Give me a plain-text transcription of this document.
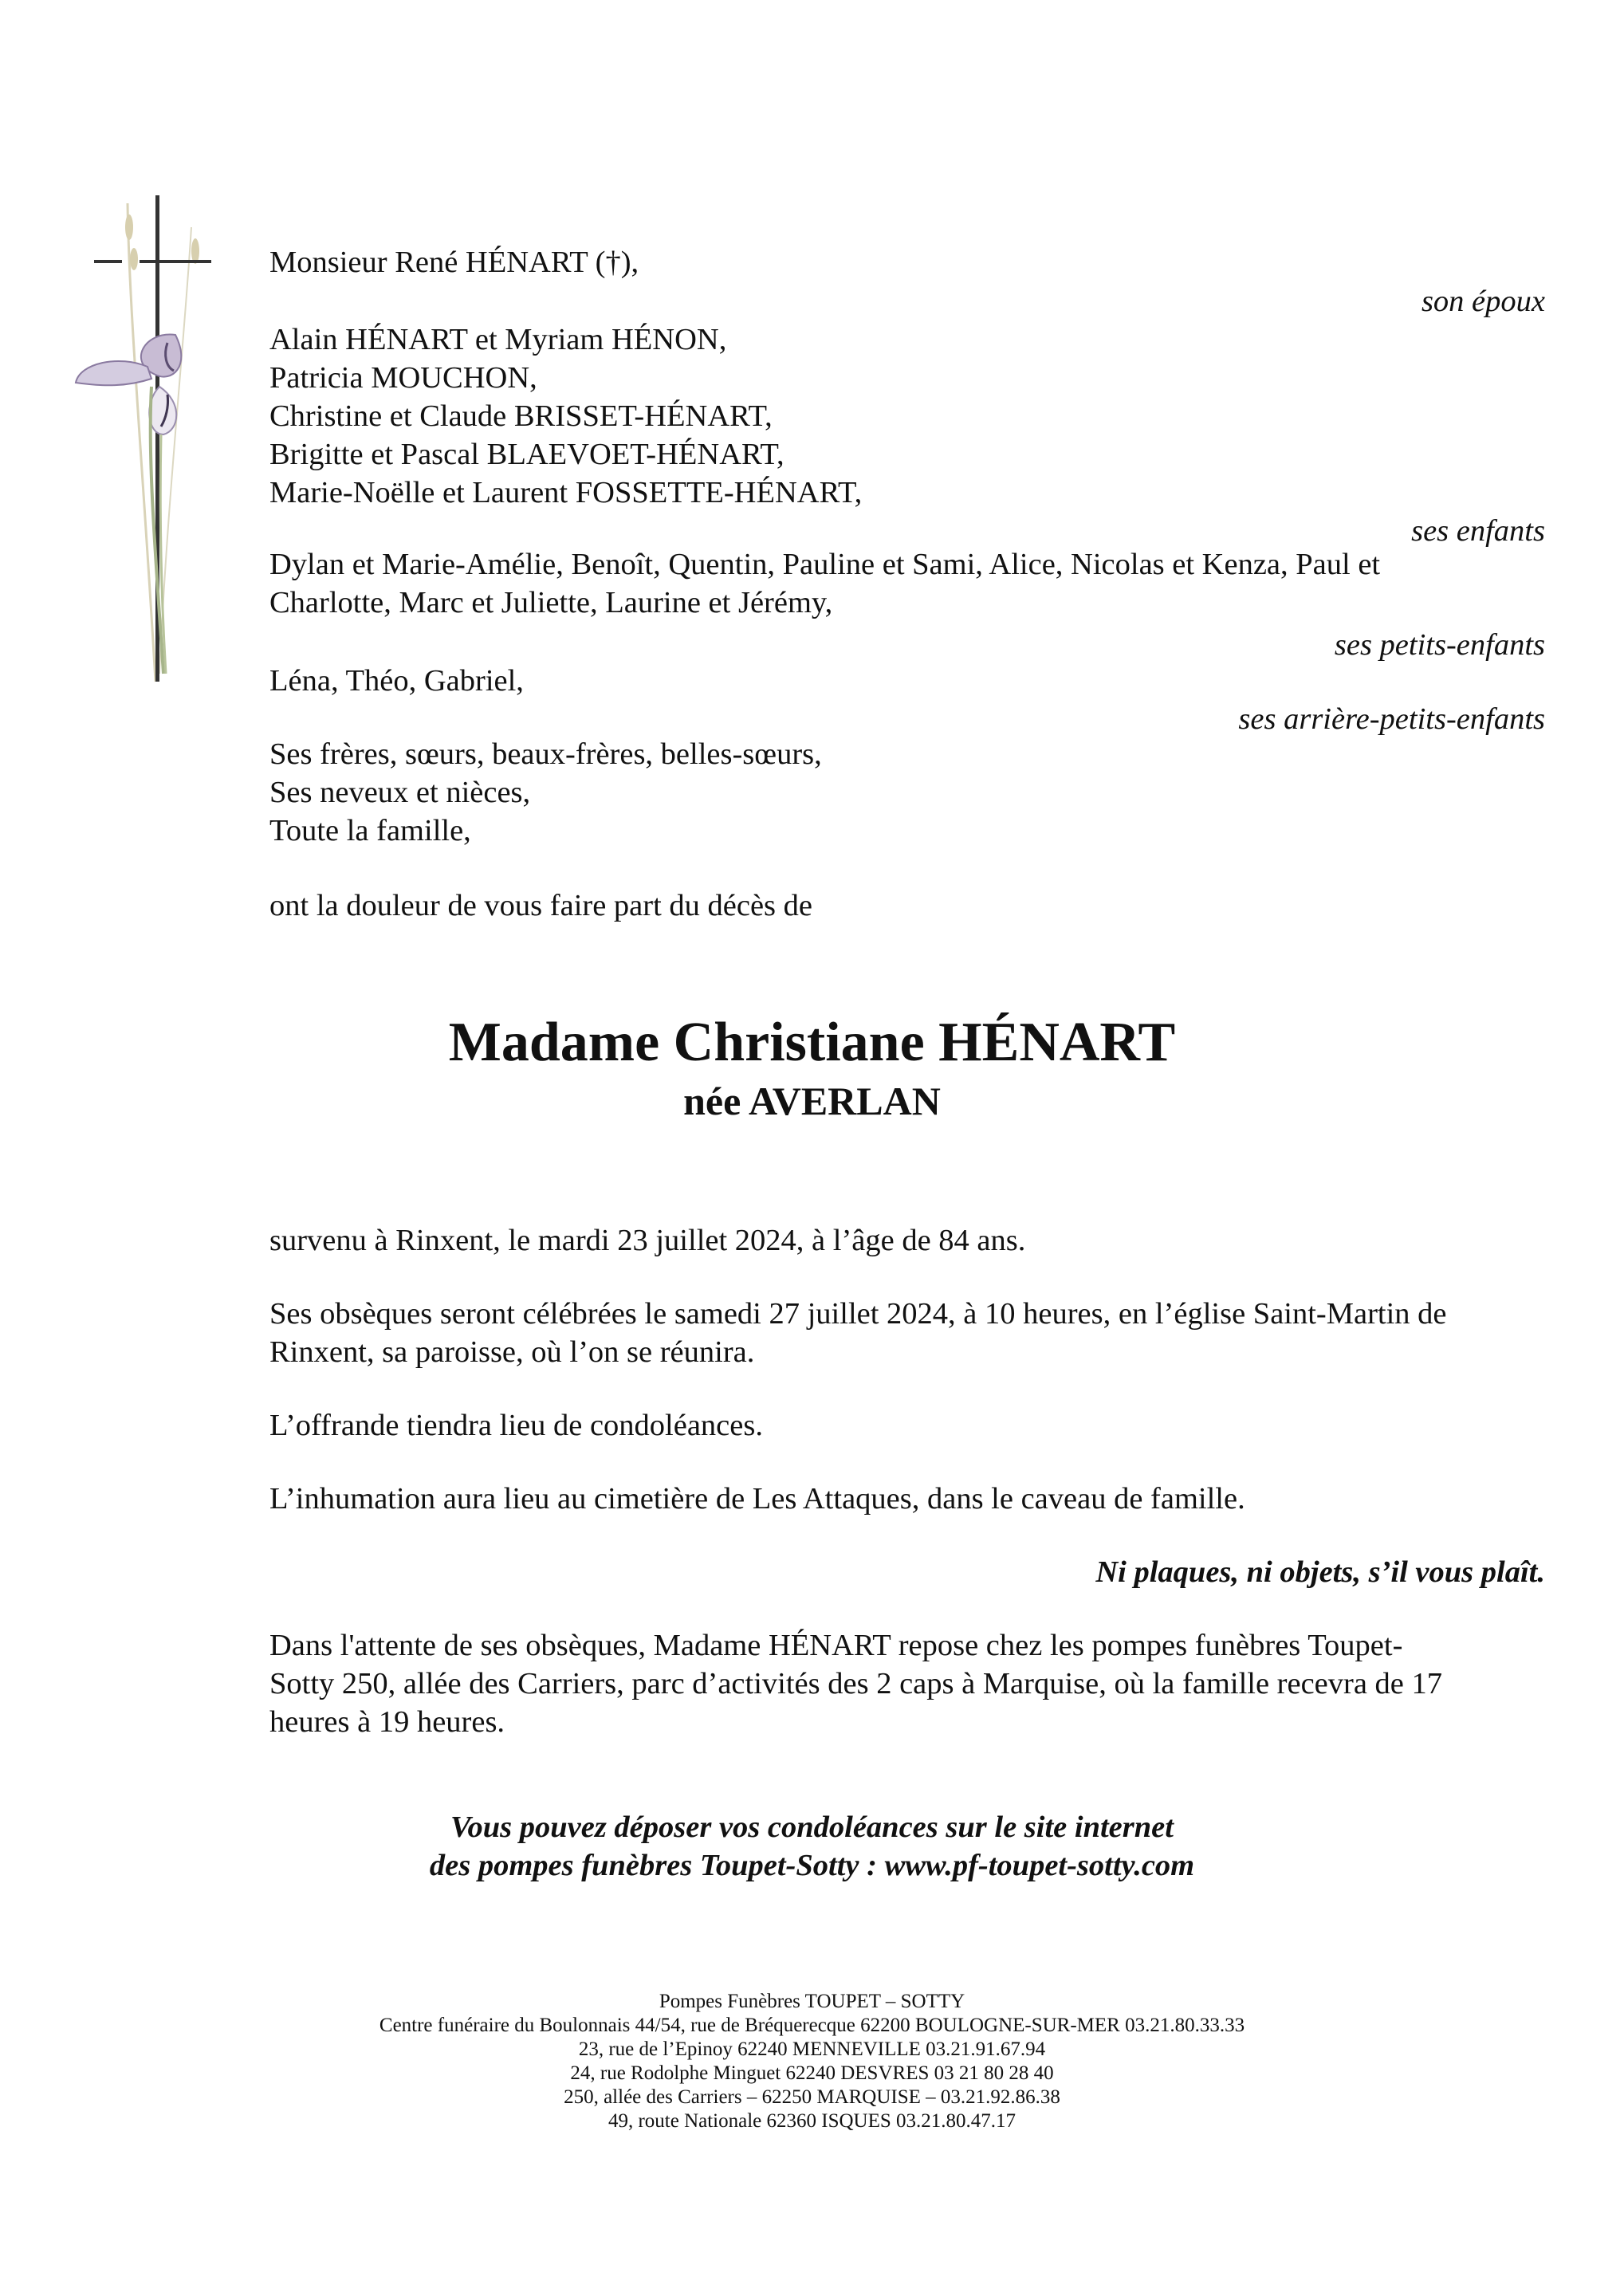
Monsieur René HÉNART (†),
son époux
Alain HÉNART et Myriam HÉNON,
Patricia MOUCHON,
Christine et Claude BRISSET-HÉNART,
Brigitte et Pascal BLAEVOET-HÉNART,
Marie-Noëlle et Laurent FOSSETTE-HÉNART,
ses enfants
Dylan et Marie-Amélie, Benoît, Quentin, Pauline et Sami, Alice, Nicolas et Kenza, Paul et
Charlotte, Marc et Juliette, Laurine et Jérémy,
ses petits-enfants
Léna, Théo, Gabriel,
ses arrière-petits-enfants
Ses frères, sœurs, beaux-frères, belles-sœurs,
Ses neveux et nièces,
Toute la famille,
ont la douleur de vous faire part du décès de
Madame Christiane HÉNART
née AVERLAN
survenu à Rinxent, le mardi 23 juillet 2024, à l’âge de 84 ans.
Ses obsèques seront célébrées le samedi 27 juillet 2024, à 10 heures, en l’église Saint-Martin de
Rinxent, sa paroisse, où l’on se réunira.
L’offrande tiendra lieu de condoléances.
L’inhumation aura lieu au cimetière de Les Attaques, dans le caveau de famille.
Ni plaques, ni objets, s’il vous plaît.
Dans l'attente de ses obsèques, Madame HÉNART repose chez les pompes funèbres Toupet-
Sotty 250, allée des Carriers, parc d’activités des 2 caps à Marquise, où la famille recevra de 17
heures à 19 heures.
Vous pouvez déposer vos condoléances sur le site internet
des pompes funèbres Toupet-Sotty : www.pf-toupet-sotty.com
Pompes Funèbres TOUPET – SOTTY
Centre funéraire du Boulonnais 44/54, rue de Bréquerecque 62200 BOULOGNE-SUR-MER 03.21.80.33.33
23, rue de l’Epinoy 62240 MENNEVILLE 03.21.91.67.94
24, rue Rodolphe Minguet 62240 DESVRES 03 21 80 28 40
250, allée des Carriers – 62250 MARQUISE – 03.21.92.86.38
49, route Nationale 62360 ISQUES 03.21.80.47.17
